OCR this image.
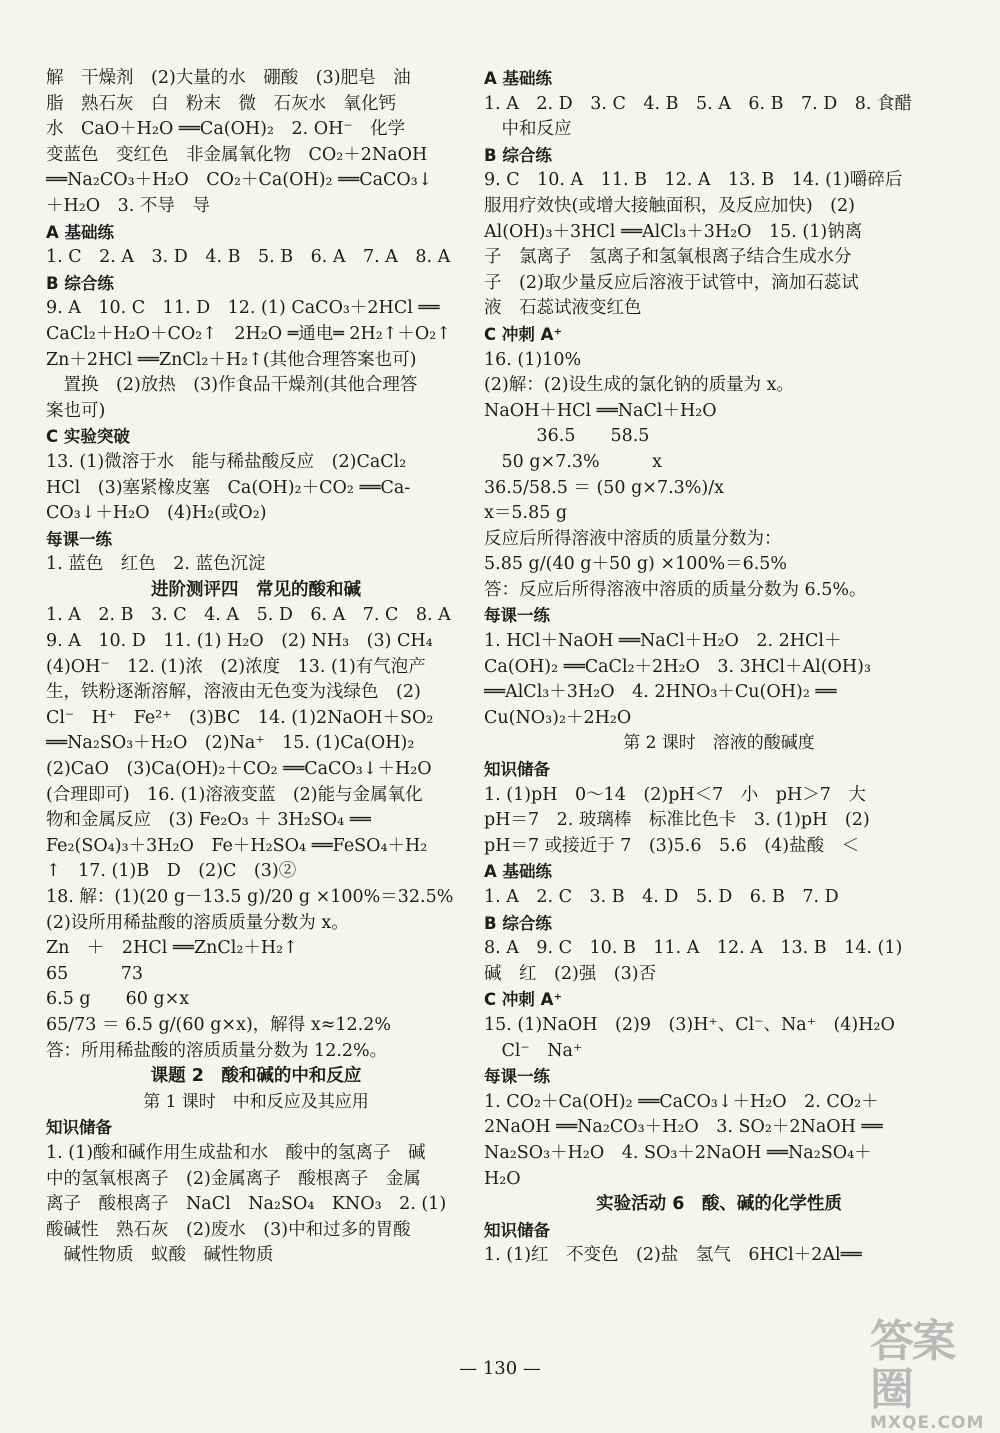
解　干燥剂　(2)大量的水　硼酸　(3)肥皂　油
脂　熟石灰　白　粉末　微　石灰水　氧化钙
水　CaO＋H₂O ══Ca(OH)₂　2. OH⁻　化学
变蓝色　变红色　非金属氧化物　CO₂＋2NaOH
══Na₂CO₃＋H₂O　CO₂＋Ca(OH)₂ ══CaCO₃↓
＋H₂O　3. 不导　导
A 基础练
1. C　2. A　3. D　4. B　5. B　6. A　7. A　8. A
B 综合练
9. A　10. C　11. D　12. (1) CaCO₃＋2HCl ══
CaCl₂＋H₂O＋CO₂↑　2H₂O ═通电═ 2H₂↑＋O₂↑
Zn＋2HCl ══ZnCl₂＋H₂↑(其他合理答案也可)
　置换　(2)放热　(3)作食品干燥剂(其他合理答
案也可)
C 实验突破
13. (1)微溶于水　能与稀盐酸反应　(2)CaCl₂
HCl　(3)塞紧橡皮塞　Ca(OH)₂＋CO₂ ══Ca-
CO₃↓＋H₂O　(4)H₂(或O₂)
每课一练
1. 蓝色　红色　2. 蓝色沉淀
进阶测评四　常见的酸和碱
1. A　2. B　3. C　4. A　5. D　6. A　7. C　8. A
9. A　10. D　11. (1) H₂O　(2) NH₃　(3) CH₄
(4)OH⁻　12. (1)浓　(2)浓度　13. (1)有气泡产
生，铁粉逐渐溶解，溶液由无色变为浅绿色　(2)
Cl⁻　H⁺　Fe²⁺　(3)BC　14. (1)2NaOH＋SO₂
══Na₂SO₃＋H₂O　(2)Na⁺　15. (1)Ca(OH)₂
(2)CaO　(3)Ca(OH)₂＋CO₂ ══CaCO₃↓＋H₂O
(合理即可)　16. (1)溶液变蓝　(2)能与金属氧化
物和金属反应　(3) Fe₂O₃ ＋ 3H₂SO₄ ══
Fe₂(SO₄)₃＋3H₂O　Fe＋H₂SO₄ ══FeSO₄＋H₂
↑　17. (1)B　D　(2)C　(3)②
18. 解：(1)(20 g－13.5 g)/20 g ×100%＝32.5%
(2)设所用稀盐酸的溶质质量分数为 x。
Zn　＋　2HCl ══ZnCl₂＋H₂↑
65　　　73
6.5 g　　60 g×x
65/73 ＝ 6.5 g/(60 g×x)，解得 x≈12.2%
答：所用稀盐酸的溶质质量分数为 12.2%。
课题 2　酸和碱的中和反应
第 1 课时　中和反应及其应用
知识储备
1. (1)酸和碱作用生成盐和水　酸中的氢离子　碱
中的氢氧根离子　(2)金属离子　酸根离子　金属
离子　酸根离子　NaCl　Na₂SO₄　KNO₃　2. (1)
酸碱性　熟石灰　(2)废水　(3)中和过多的胃酸
　碱性物质　蚁酸　碱性物质
A 基础练
1. A　2. D　3. C　4. B　5. A　6. B　7. D　8. 食醋
　中和反应
B 综合练
9. C　10. A　11. B　12. A　13. B　14. (1)嚼碎后
服用疗效快(或增大接触面积，及反应加快)　(2)
Al(OH)₃＋3HCl ══AlCl₃＋3H₂O　15. (1)钠离
子　氯离子　氢离子和氢氧根离子结合生成水分
子　(2)取少量反应后溶液于试管中，滴加石蕊试
液　石蕊试液变红色
C 冲刺 A⁺
16. (1)10%
(2)解：(2)设生成的氯化钠的质量为 x。
NaOH＋HCl ══NaCl＋H₂O
　　　36.5　　58.5
　50 g×7.3%　　　x
36.5/58.5 ＝ (50 g×7.3%)/x
x＝5.85 g
反应后所得溶液中溶质的质量分数为：
5.85 g/(40 g＋50 g) ×100%＝6.5%
答：反应后所得溶液中溶质的质量分数为 6.5%。
每课一练
1. HCl＋NaOH ══NaCl＋H₂O　2. 2HCl＋
Ca(OH)₂ ══CaCl₂＋2H₂O　3. 3HCl＋Al(OH)₃
══AlCl₃＋3H₂O　4. 2HNO₃＋Cu(OH)₂ ══
Cu(NO₃)₂＋2H₂O
第 2 课时　溶液的酸碱度
知识储备
1. (1)pH　0～14　(2)pH＜7　小　pH＞7　大
pH＝7　2. 玻璃棒　标准比色卡　3. (1)pH　(2)
pH＝7 或接近于 7　(3)5.6　5.6　(4)盐酸　＜
A 基础练
1. A　2. C　3. B　4. D　5. D　6. B　7. D
B 综合练
8. A　9. C　10. B　11. A　12. A　13. B　14. (1)
碱　红　(2)强　(3)否
C 冲刺 A⁺
15. (1)NaOH　(2)9　(3)H⁺、Cl⁻、Na⁺　(4)H₂O
　Cl⁻　Na⁺
每课一练
1. CO₂＋Ca(OH)₂ ══CaCO₃↓＋H₂O　2. CO₂＋
2NaOH ══Na₂CO₃＋H₂O　3. SO₂＋2NaOH ══
Na₂SO₃＋H₂O　4. SO₃＋2NaOH ══Na₂SO₄＋
H₂O
实验活动 6　酸、碱的化学性质
知识储备
1. (1)红　不变色　(2)盐　氢气　6HCl＋2Al══
— 130 —
答案圈
MXQE.COM
